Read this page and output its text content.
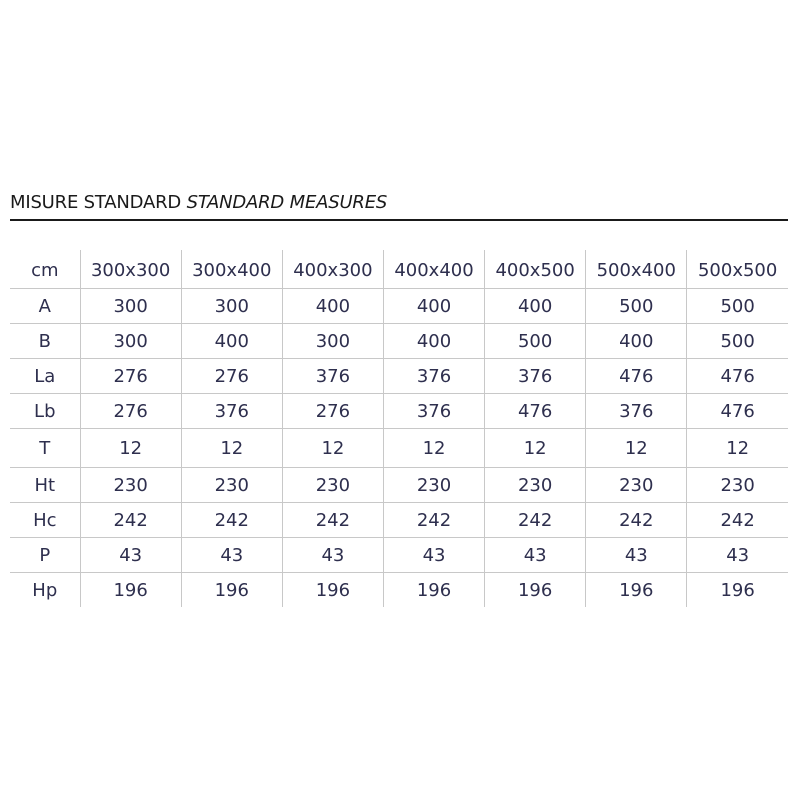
MISURE STANDARD STANDARD MEASURES
cm	300x300	300x400	400x300	400x400	400x500	500x400	500x500
A	300	300	400	400	400	500	500
B	300	400	300	400	500	400	500
La	276	276	376	376	376	476	476
Lb	276	376	276	376	476	376	476
T	12	12	12	12	12	12	12
Ht	230	230	230	230	230	230	230
Hc	242	242	242	242	242	242	242
P	43	43	43	43	43	43	43
Hp	196	196	196	196	196	196	196
